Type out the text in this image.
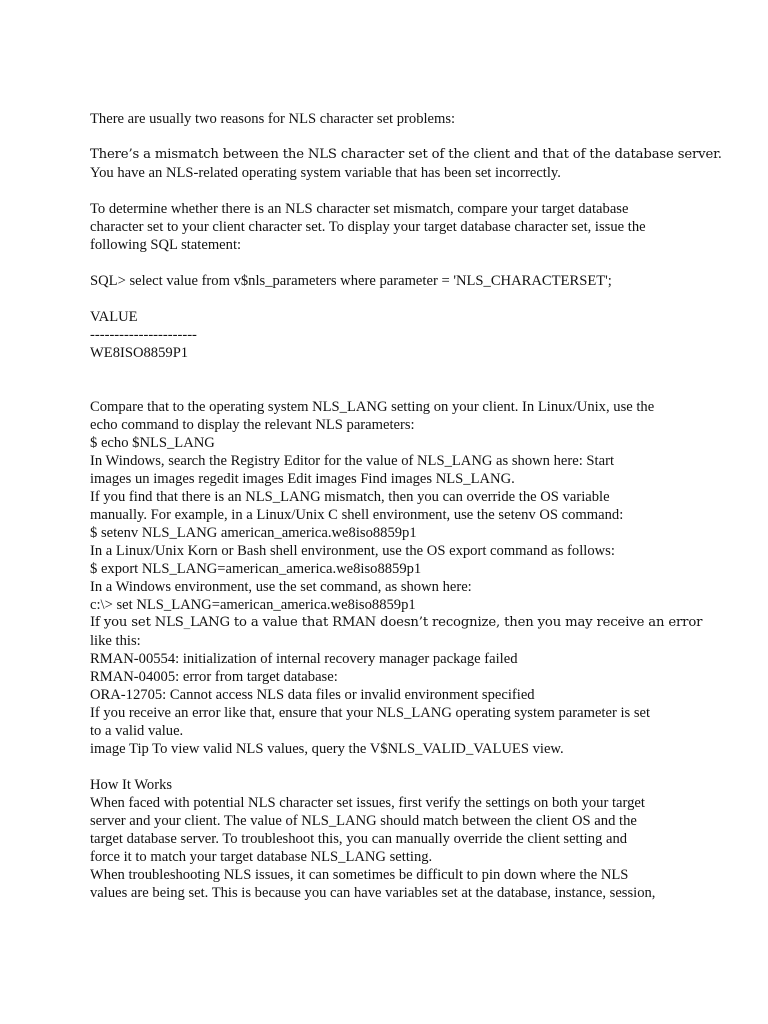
There are usually two reasons for NLS character set problems:
There’s a mismatch between the NLS character set of the client and that of the database server.
You have an NLS-related operating system variable that has been set incorrectly.
To determine whether there is an NLS character set mismatch, compare your target database
character set to your client character set. To display your target database character set, issue the
following SQL statement:
SQL> select value from v$nls_parameters where parameter = 'NLS_CHARACTERSET';
VALUE
----------------------
WE8ISO8859P1
Compare that to the operating system NLS_LANG setting on your client. In Linux/Unix, use the
echo command to display the relevant NLS parameters:
$ echo $NLS_LANG
In Windows, search the Registry Editor for the value of NLS_LANG as shown here: Start
images un images regedit images Edit images Find images NLS_LANG.
If you find that there is an NLS_LANG mismatch, then you can override the OS variable
manually. For example, in a Linux/Unix C shell environment, use the setenv OS command:
$ setenv NLS_LANG american_america.we8iso8859p1
In a Linux/Unix Korn or Bash shell environment, use the OS export command as follows:
$ export NLS_LANG=american_america.we8iso8859p1
In a Windows environment, use the set command, as shown here:
c:\> set NLS_LANG=american_america.we8iso8859p1
If you set NLS_LANG to a value that RMAN doesn’t recognize, then you may receive an error
like this:
RMAN-00554: initialization of internal recovery manager package failed
RMAN-04005: error from target database:
ORA-12705: Cannot access NLS data files or invalid environment specified
If you receive an error like that, ensure that your NLS_LANG operating system parameter is set
to a valid value.
image Tip To view valid NLS values, query the V$NLS_VALID_VALUES view.
How It Works
When faced with potential NLS character set issues, first verify the settings on both your target
server and your client. The value of NLS_LANG should match between the client OS and the
target database server. To troubleshoot this, you can manually override the client setting and
force it to match your target database NLS_LANG setting.
When troubleshooting NLS issues, it can sometimes be difficult to pin down where the NLS
values are being set. This is because you can have variables set at the database, instance, session,
